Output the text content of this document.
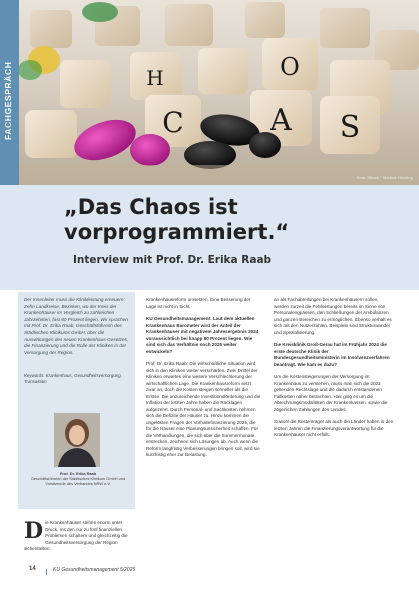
C
H
A
O
S
Foto: iStock · Markus Hecking
FACHGESPRÄCH
„Das Chaos ist vorprogrammiert.“
Interview mit Prof. Dr. Erika Raab

Der Innenleiter muss die Klinikleistung erneuern: Zehn Landkreise, Bezirken, wo der Kreis der Krankenhäuser im Vergleich zu zahlreichen Jahrzehnten, fast 80 Prozent liegen. Wir sprachen mit Prof. Dr. Erika Raab, Geschäftsführerin des Städtischen Klinikums GmbH, über die Auswirkungen des neuen Krankenhaus-Gesetzes, die Finanzierung und die Rolle der Kliniken in der Versorgung der Region.

Keywords: Krankenhaus, Gesundheitsversorgung, Transaktion
Prof. Dr. Erika Raab
Geschäftsführerin der Städtisches Klinikum GmbH und Vorsitzende des Verbandes NRW e.V.
D ie Krankenhäuser stehen enorm unter Druck, mit den nur zu fünf finanziellen Problemen schultern und gleichzeitig die Gesundheitsversorgung der Region sicherstellen.

Krankenhausreform umsetzen. Eine Besserung der Lage ist nicht in Sicht.

KU Gesundheitsmanagement: Laut dem aktuellen Krankenhaus Barometer wird der Anteil der Krankenhäuser mit negativem Jahresergebnis 2024 voraussichtlich bei knapp 80 Prozent liegen. Wie sind sich das Verhältnis noch 2025 weiter entwickeln?

Prof. Dr. Erika Raab: Die wirtschaftliche Situation wird sich in den Kliniken weiter verschärfen. Zwei Drittel der Kliniken erwarten eine weitere Verschlechterung der wirtschaftlichen Lage. Die Krankenhausreform setzt zwar an, doch die Kosten steigen schneller als die Erlöse. Die unzureichende Investitionsförderung und die Inflation der letzten Jahre haben die Rücklagen aufgezehrt. Durch Personal- und Sachkosten nehmen sich die Defizite der Häuser zu. Hinzu kommen die ungelösten Fragen der Vorhaltefinanzierung 2025, die für die Häuser eine Planungsunsicherheit schaffen. Für die Verhandlungen, die sich über die Sommermonate erstrecken, zeichnen sich Lösungen ab. Auch wenn die Reform langfristig Verbesserungen bringen soll, wird sie kurzfristig eher zur Belastung.

an als Fachabteilungen bei Krankenhäusern sollen, werden zurzeit die Fehlleistungen bereits im Sinne von Personalengpässen, den Schließungen der Ambulanzen und ganzen Bereichen zu ermöglichen. Ebenso verhält es sich mit den Nutzerzahlen. Beispiele sind Strukturwandel und Spezialisierung.

Die Kreisklinik Groß-Gerau hat im Frühjahr 2024 die erste deutsche Klinik der Bundesgesundheitsministerin im Insolvenzverfahren beantragt. Wie kam es dazu?

Um die Kostensteigerungen der Versorgung im Krankenhaus zu verstehen, muss man sich die 2022 geltenden Rechtslage und die dadurch entstandenen Fallkosten näher betrachten. Hier ging es um die Abrechnungsmodalitäten der Krankenkassen, sowie die zögerlichen Zahlungen des Landes.

Sowohl die Kostenträger als auch die Länder haben in den letzten Jahren die Finanzierungsverantwortung für die Krankenhäuser nicht erfüllt.

14	KU Gesundheitsmanagement 5/2025
